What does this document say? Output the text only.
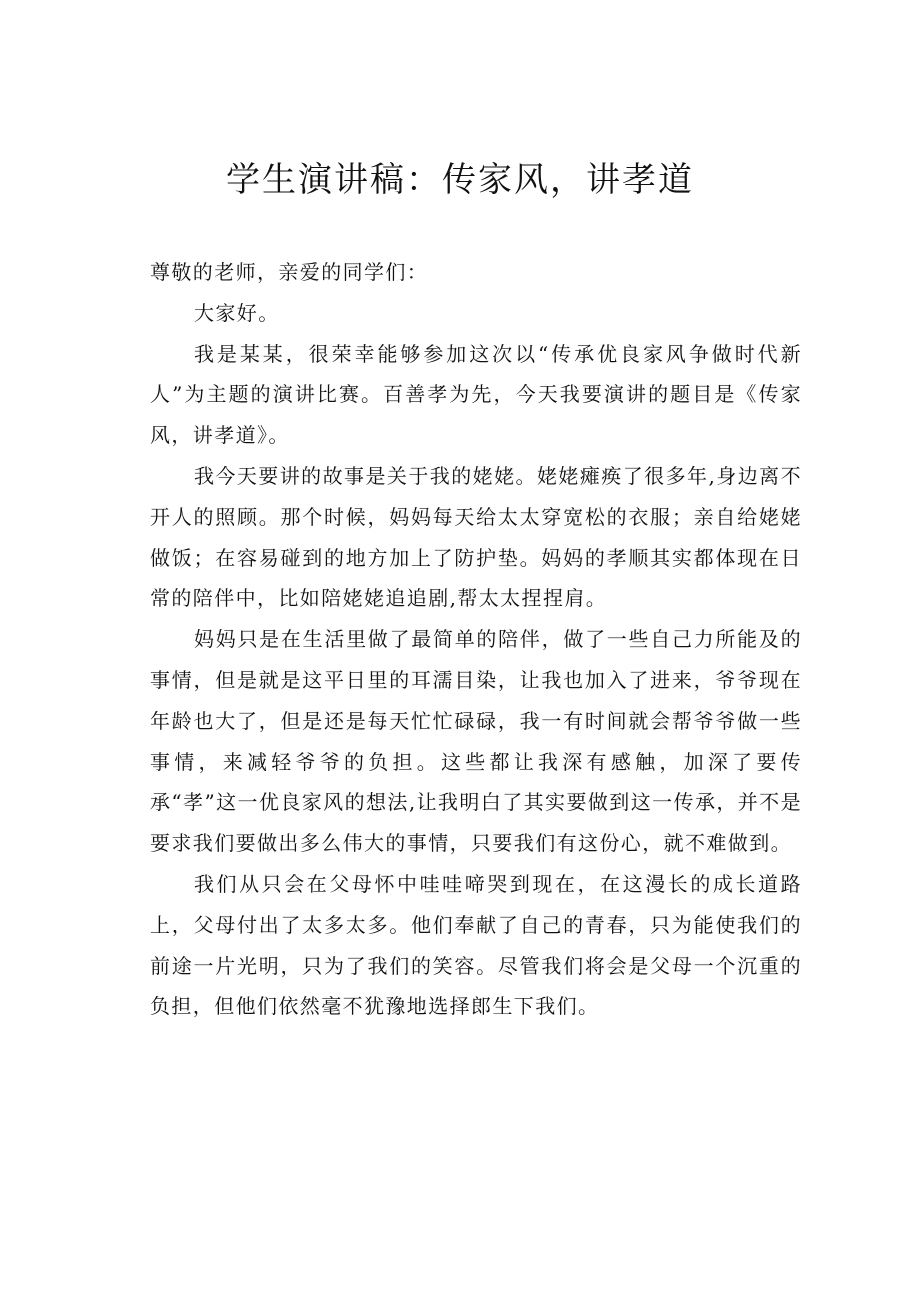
学生演讲稿：传家风，讲孝道

尊敬的老师，亲爱的同学们：

大家好。

我是某某，很荣幸能够参加这次以“传承优良家风争做时代新人”为主题的演讲比赛。百善孝为先，今天我要演讲的题目是《传家风，讲孝道》。

我今天要讲的故事是关于我的姥姥。姥姥瘫痪了很多年,身边离不开人的照顾。那个时候，妈妈每天给太太穿宽松的衣服；亲自给姥姥做饭；在容易碰到的地方加上了防护垫。妈妈的孝顺其实都体现在日常的陪伴中，比如陪姥姥追追剧,帮太太捏捏肩。

妈妈只是在生活里做了最简单的陪伴，做了一些自己力所能及的事情，但是就是这平日里的耳濡目染，让我也加入了进来，爷爷现在年龄也大了，但是还是每天忙忙碌碌，我一有时间就会帮爷爷做一些事情，来减轻爷爷的负担。这些都让我深有感触，加深了要传承“孝”这一优良家风的想法,让我明白了其实要做到这一传承，并不是要求我们要做出多么伟大的事情，只要我们有这份心，就不难做到。

我们从只会在父母怀中哇哇啼哭到现在，在这漫长的成长道路上，父母付出了太多太多。他们奉献了自己的青春，只为能使我们的前途一片光明，只为了我们的笑容。尽管我们将会是父母一个沉重的负担，但他们依然毫不犹豫地选择郎生下我们。
